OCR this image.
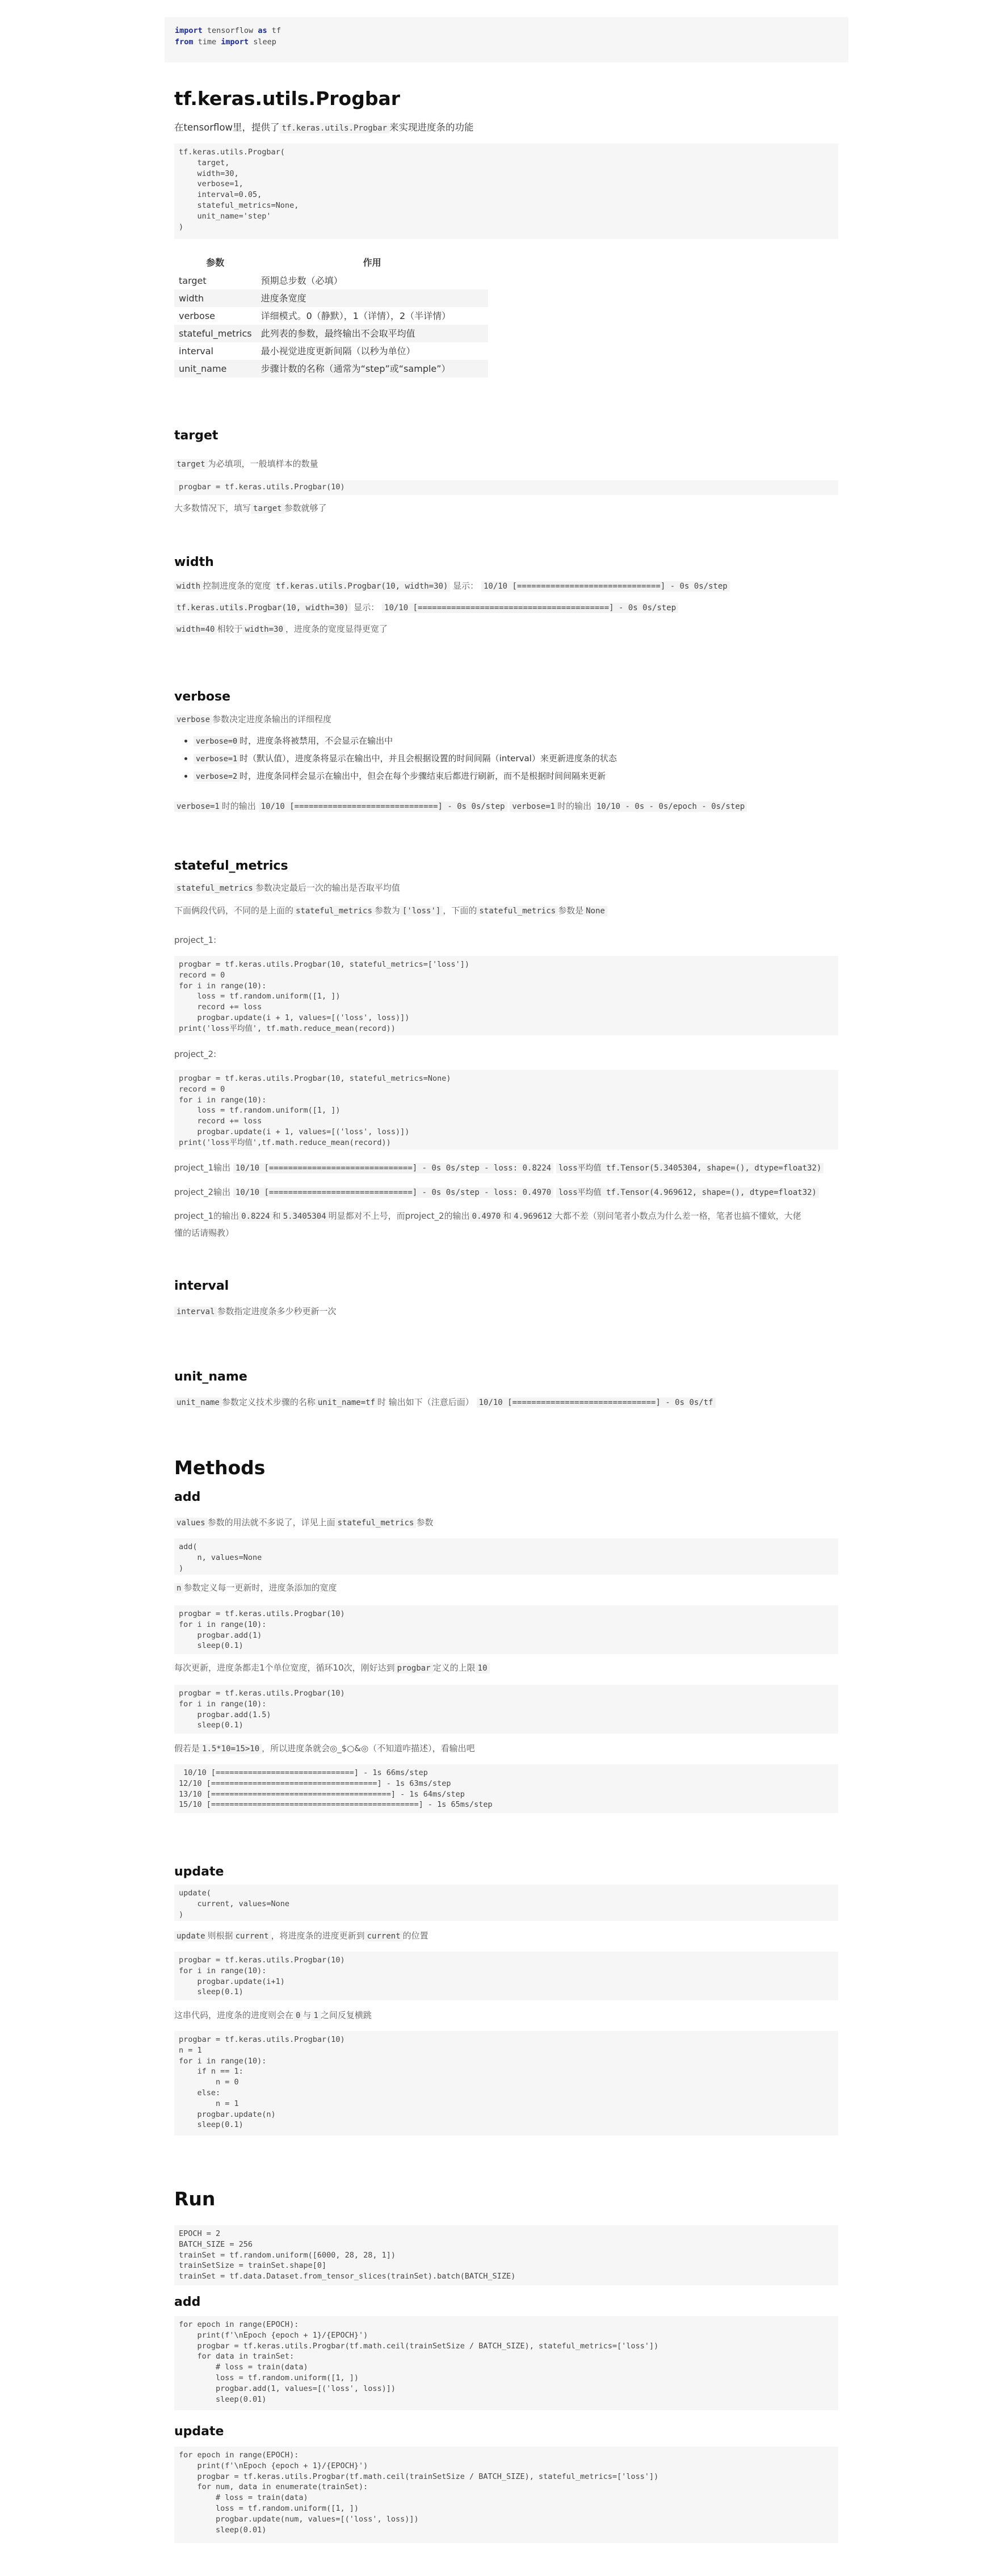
import tensorflow as tf
from time import sleep
tf.keras.utils.Progbar
在tensorflow里，提供了 tf.keras.utils.Progbar 来实现进度条的功能
tf.keras.utils.Progbar(
target,
width=30,
verbose=1,
interval=0.05,
stateful_metrics=None,
unit_name='step'
)
参数	作用
target	预期总步数（必填）
width	进度条宽度
verbose	详细模式。0（静默），1（详情），2（半详情）
stateful_metrics	此列表的参数，最终输出不会取平均值
interval	最小视觉进度更新间隔（以秒为单位）
unit_name	步骤计数的名称（通常为“step”或“sample”）
target
target 为必填项，一般填样本的数量
progbar = tf.keras.utils.Progbar(10)
大多数情况下，填写 target 参数就够了
width
width 控制进度条的宽度 tf.keras.utils.Progbar(10, width=30) 显示： 10/10 [==============================] - 0s 0s/step
tf.keras.utils.Progbar(10, width=30) 显示： 10/10 [========================================] - 0s 0s/step
width=40 相较于 width=30 ，进度条的宽度显得更宽了
verbose
verbose 参数决定进度条输出的详细程度
• verbose=0 时，进度条将被禁用，不会显示在输出中
• verbose=1 时（默认值），进度条将显示在输出中，并且会根据设置的时间间隔（interval）来更新进度条的状态
• verbose=2 时，进度条同样会显示在输出中，但会在每个步骤结束后都进行刷新，而不是根据时间间隔来更新
verbose=1 时的输出 10/10 [==============================] - 0s 0s/step verbose=1 时的输出 10/10 - 0s - 0s/epoch - 0s/step
stateful_metrics
stateful_metrics 参数决定最后一次的输出是否取平均值
下面俩段代码，不同的是上面的 stateful_metrics 参数为 ['loss'] ，下面的 stateful_metrics 参数是 None
project_1:
progbar = tf.keras.utils.Progbar(10, stateful_metrics=['loss'])
record = 0
for i in range(10):
loss = tf.random.uniform([1, ])
record += loss
progbar.update(i + 1, values=[('loss', loss)])
print('loss平均值', tf.math.reduce_mean(record))
project_2:
progbar = tf.keras.utils.Progbar(10, stateful_metrics=None)
record = 0
for i in range(10):
loss = tf.random.uniform([1, ])
record += loss
progbar.update(i + 1, values=[('loss', loss)])
print('loss平均值',tf.math.reduce_mean(record))
project_1输出 10/10 [==============================] - 0s 0s/step - loss: 0.8224 loss平均值 tf.Tensor(5.3405304, shape=(), dtype=float32)
project_2输出 10/10 [==============================] - 0s 0s/step - loss: 0.4970 loss平均值 tf.Tensor(4.969612, shape=(), dtype=float32)
project_1的输出 0.8224 和 5.3405304 明显都对不上号，而project_2的输出 0.4970 和 4.969612 大都不差（别问笔者小数点为什么差一格，笔者也搞不懂欸，大佬
懂的话请赐教）
interval
interval 参数指定进度条多少秒更新一次
unit_name
unit_name 参数定义技术步骤的名称 unit_name=tf 时 输出如下（注意后面） 10/10 [==============================] - 0s 0s/tf
Methods
add
values 参数的用法就不多说了，详见上面 stateful_metrics 参数
add(
n, values=None
)
n 参数定义每一更新时，进度条添加的宽度
progbar = tf.keras.utils.Progbar(10)
for i in range(10):
progbar.add(1)
sleep(0.1)
每次更新，进度条都走1个单位宽度，循环10次，刚好达到 progbar 定义的上限 10
progbar = tf.keras.utils.Progbar(10)
for i in range(10):
progbar.add(1.5)
sleep(0.1)
假若是 1.5*10=15>10 ，所以进度条就会◎_$○&◎（不知道咋描述），看输出吧
10/10 [==============================] - 1s 66ms/step
12/10 [====================================] - 1s 63ms/step
13/10 [=======================================] - 1s 64ms/step
15/10 [=============================================] - 1s 65ms/step
update
update(
current, values=None
)
update 则根据 current ，将进度条的进度更新到 current 的位置
progbar = tf.keras.utils.Progbar(10)
for i in range(10):
progbar.update(i+1)
sleep(0.1)
这串代码，进度条的进度则会在 0 与 1 之间反复横跳
progbar = tf.keras.utils.Progbar(10)
n = 1
for i in range(10):
if n == 1:
n = 0
else:
n = 1
progbar.update(n)
sleep(0.1)
Run
EPOCH = 2
BATCH_SIZE = 256
trainSet = tf.random.uniform([6000, 28, 28, 1])
trainSetSize = trainSet.shape[0]
trainSet = tf.data.Dataset.from_tensor_slices(trainSet).batch(BATCH_SIZE)
add
for epoch in range(EPOCH):
print(f'\nEpoch {epoch + 1}/{EPOCH}')
progbar = tf.keras.utils.Progbar(tf.math.ceil(trainSetSize / BATCH_SIZE), stateful_metrics=['loss'])
for data in trainSet:
# loss = train(data)
loss = tf.random.uniform([1, ])
progbar.add(1, values=[('loss', loss)])
sleep(0.01)
update
for epoch in range(EPOCH):
print(f'\nEpoch {epoch + 1}/{EPOCH}')
progbar = tf.keras.utils.Progbar(tf.math.ceil(trainSetSize / BATCH_SIZE), stateful_metrics=['loss'])
for num, data in enumerate(trainSet):
# loss = train(data)
loss = tf.random.uniform([1, ])
progbar.update(num, values=[('loss', loss)])
sleep(0.01)
